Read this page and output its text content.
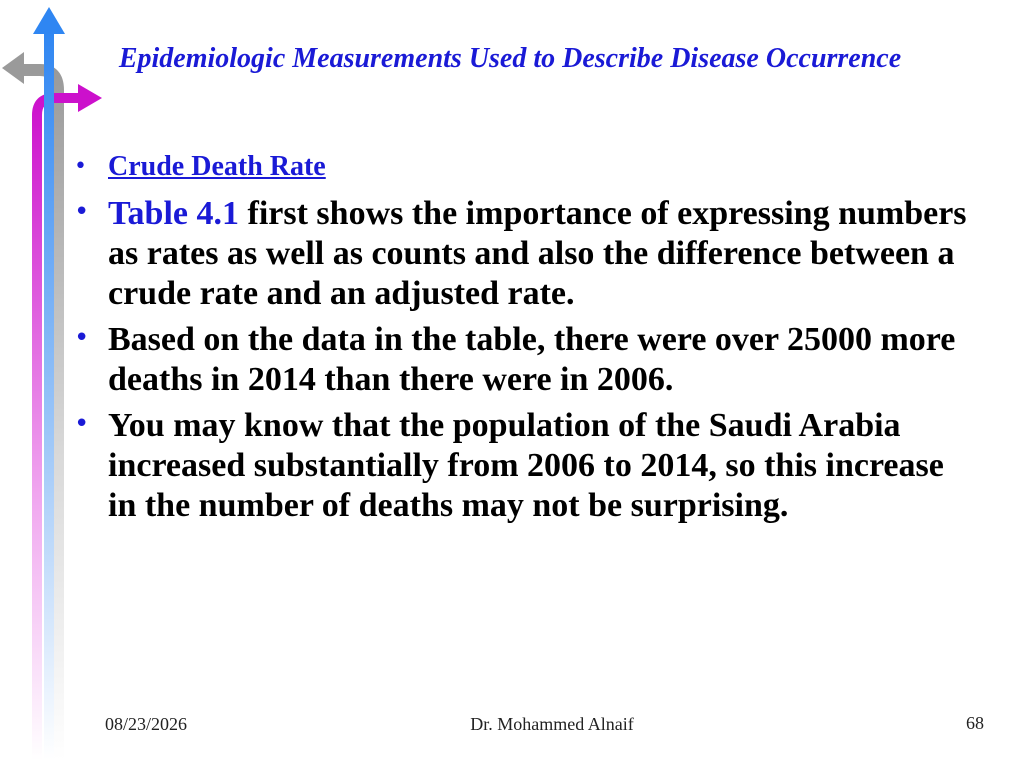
Epidemiologic Measurements Used to Describe Disease Occurrence
• Crude Death Rate
• Table 4.1 first shows the importance of expressing numbers as rates as well as counts and also the difference between a crude rate and an adjusted rate.
• Based on the data in the table, there were over 25000 more deaths in 2014 than there were in 2006.
• You may know that the population of the Saudi Arabia increased substantially from 2006 to 2014, so this increase in the number of deaths may not be surprising.
08/23/2026	Dr. Mohammed Alnaif	68
